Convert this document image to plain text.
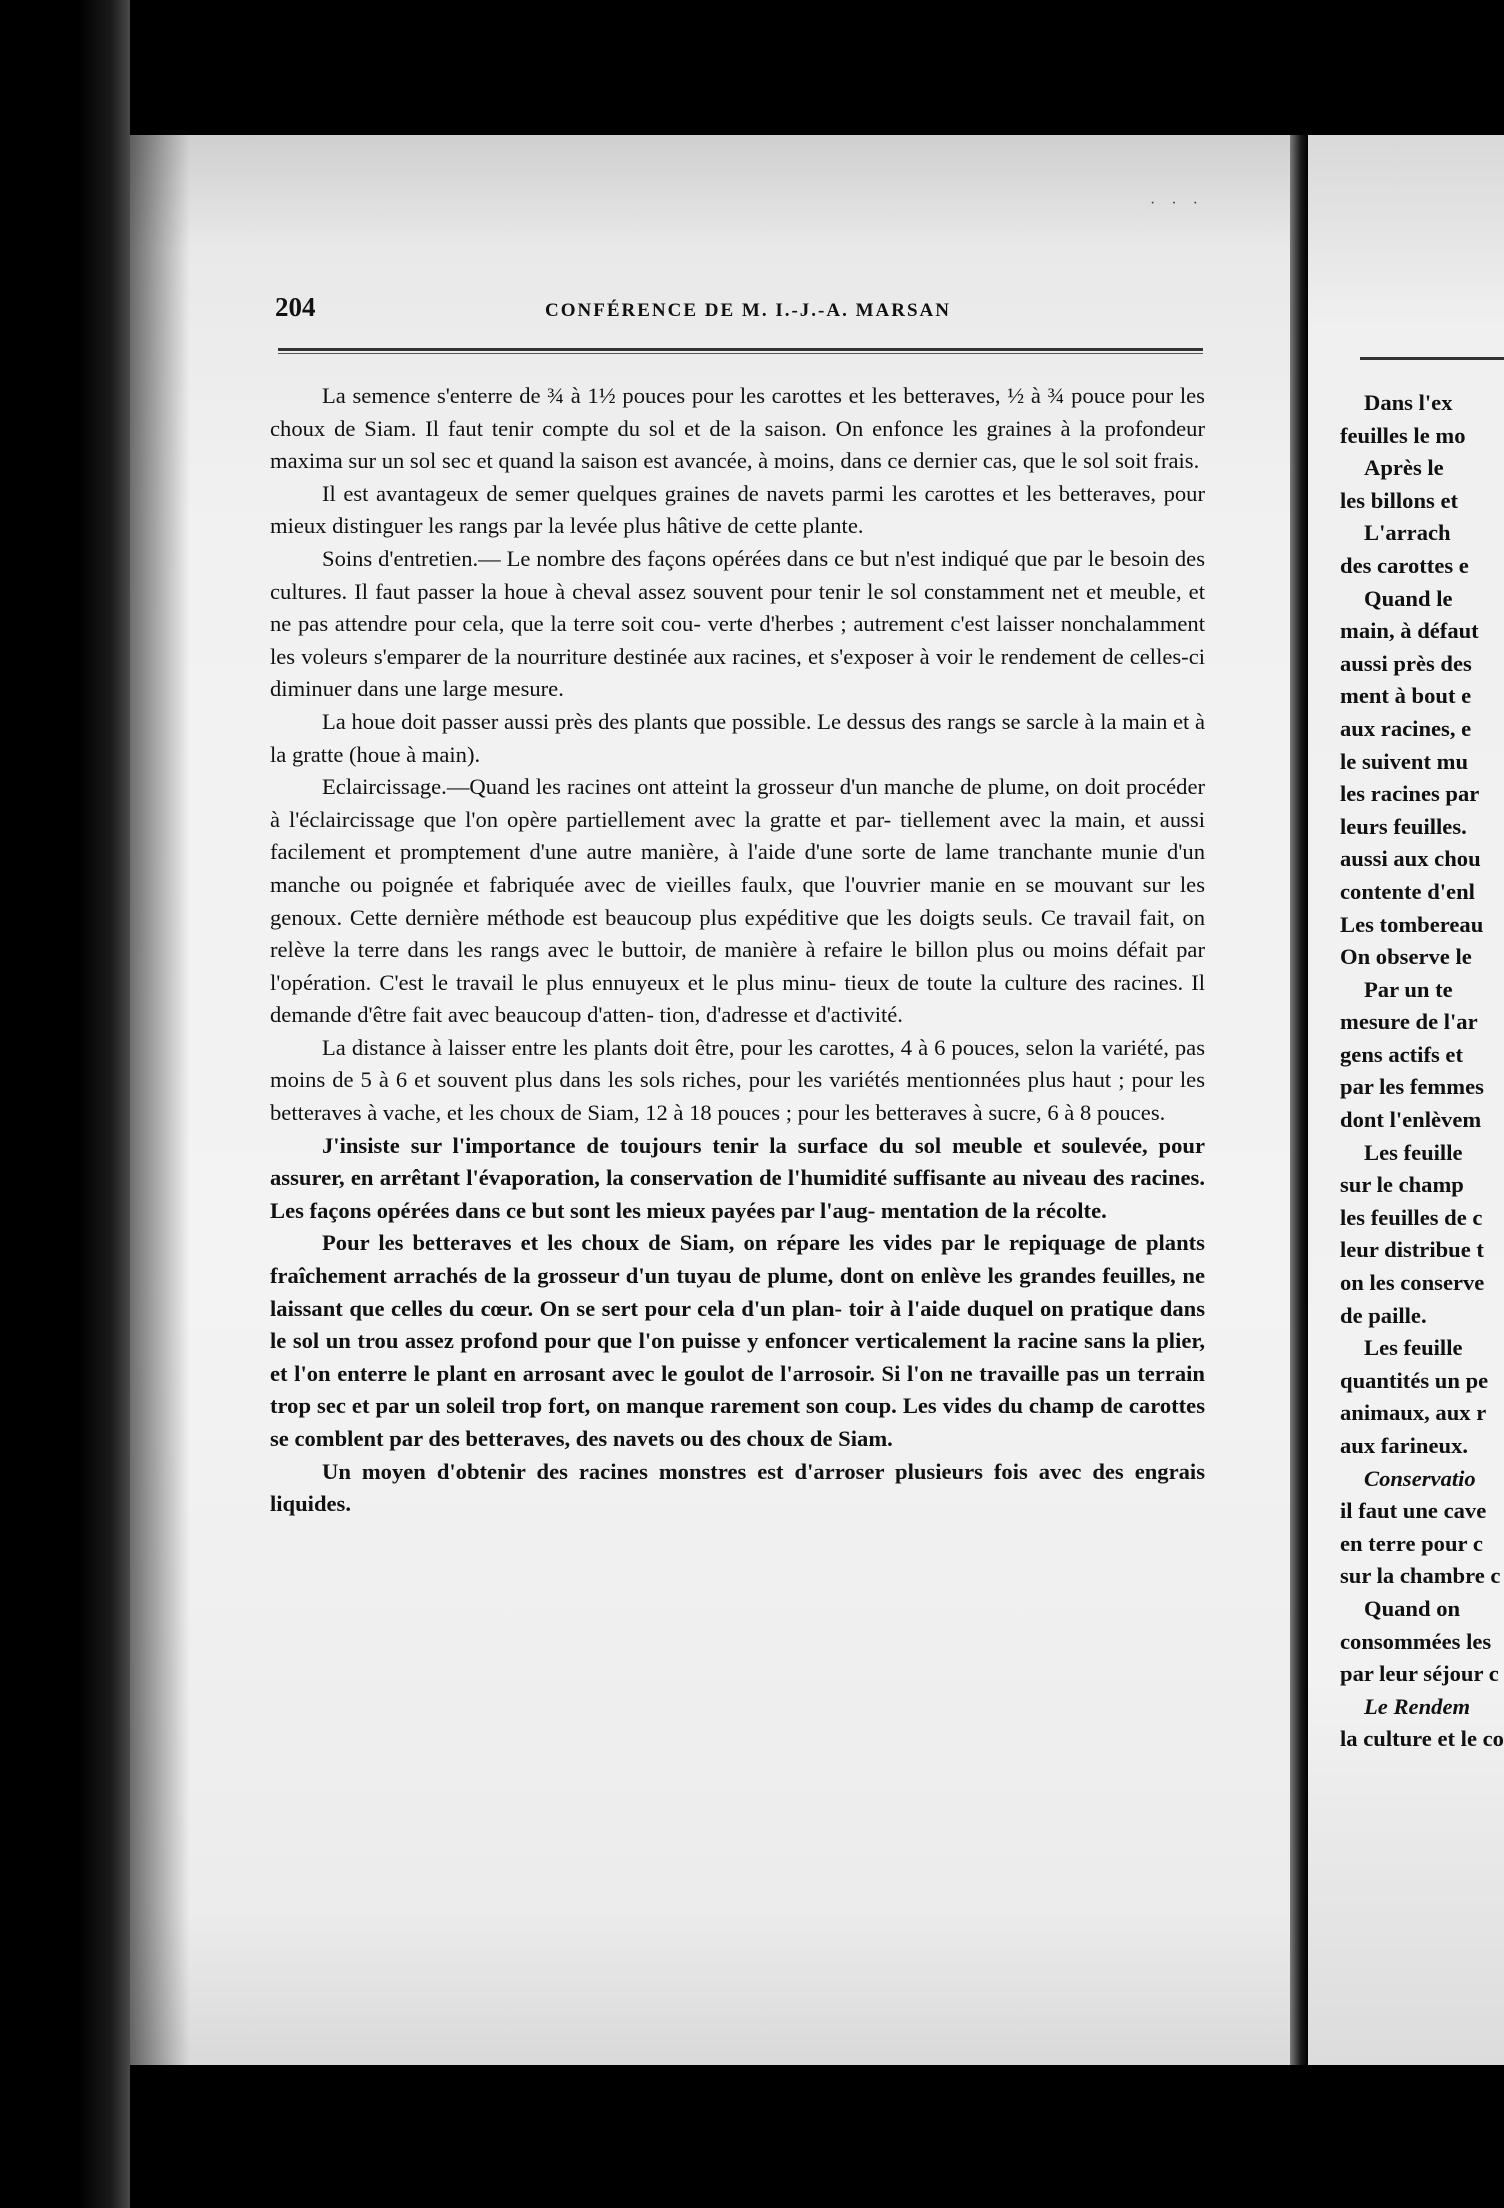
· · ·
204	CONFÉRENCE DE M. I.-J.-A. MARSAN

La semence s'enterre de ¾ à 1½ pouces pour les carottes et les betteraves, ½ à ¾ pouce pour les choux de Siam. Il faut tenir compte du sol et de la saison. On enfonce les graines à la profondeur maxima sur un sol sec et quand la saison est avancée, à moins, dans ce dernier cas, que le sol soit frais.

Il est avantageux de semer quelques graines de navets parmi les carottes et les betteraves, pour mieux distinguer les rangs par la levée plus hâtive de cette plante.

Soins d'entretien.— Le nombre des façons opérées dans ce but n'est indiqué que par le besoin des cultures. Il faut passer la houe à cheval assez souvent pour tenir le sol constamment net et meuble, et ne pas attendre pour cela, que la terre soit cou- verte d'herbes ; autrement c'est laisser nonchalamment les voleurs s'emparer de la nourriture destinée aux racines, et s'exposer à voir le rendement de celles-ci diminuer dans une large mesure.

La houe doit passer aussi près des plants que possible. Le dessus des rangs se sarcle à la main et à la gratte (houe à main).

Eclaircissage.—Quand les racines ont atteint la grosseur d'un manche de plume, on doit procéder à l'éclaircissage que l'on opère partiellement avec la gratte et par- tiellement avec la main, et aussi facilement et promptement d'une autre manière, à l'aide d'une sorte de lame tranchante munie d'un manche ou poignée et fabriquée avec de vieilles faulx, que l'ouvrier manie en se mouvant sur les genoux. Cette dernière méthode est beaucoup plus expéditive que les doigts seuls. Ce travail fait, on relève la terre dans les rangs avec le buttoir, de manière à refaire le billon plus ou moins défait par l'opération. C'est le travail le plus ennuyeux et le plus minu- tieux de toute la culture des racines. Il demande d'être fait avec beaucoup d'atten- tion, d'adresse et d'activité.

La distance à laisser entre les plants doit être, pour les carottes, 4 à 6 pouces, selon la variété, pas moins de 5 à 6 et souvent plus dans les sols riches, pour les variétés mentionnées plus haut ; pour les betteraves à vache, et les choux de Siam, 12 à 18 pouces ; pour les betteraves à sucre, 6 à 8 pouces.

J'insiste sur l'importance de toujours tenir la surface du sol meuble et soulevée, pour assurer, en arrêtant l'évaporation, la conservation de l'humidité suffisante au niveau des racines. Les façons opérées dans ce but sont les mieux payées par l'aug- mentation de la récolte.

Pour les betteraves et les choux de Siam, on répare les vides par le repiquage de plants fraîchement arrachés de la grosseur d'un tuyau de plume, dont on enlève les grandes feuilles, ne laissant que celles du cœur. On se sert pour cela d'un plan- toir à l'aide duquel on pratique dans le sol un trou assez profond pour que l'on puisse y enfoncer verticalement la racine sans la plier, et l'on enterre le plant en arrosant avec le goulot de l'arrosoir. Si l'on ne travaille pas un terrain trop sec et par un soleil trop fort, on manque rarement son coup. Les vides du champ de carottes se comblent par des betteraves, des navets ou des choux de Siam.

Un moyen d'obtenir des racines monstres est d'arroser plusieurs fois avec des engrais liquides.

Dans l'ex
feuilles le mo
Après le
les billons et
L'arrach
des carottes e
Quand le
main, à défaut
aussi près des
ment à bout e
aux racines, e
le suivent mu
les racines par
leurs feuilles.
aussi aux chou
contente d'enl
Les tombereau
On observe le
Par un te
mesure de l'ar
gens actifs et
par les femmes
dont l'enlèvem
Les feuille
sur le champ
les feuilles de c
leur distribue t
on les conserve
de paille.
Les feuille
quantités un pe
animaux, aux r
aux farineux.
Conservatio
il faut une cave
en terre pour c
sur la chambre c
Quand on
consommées les
par leur séjour c
Le Rendem
la culture et le co
